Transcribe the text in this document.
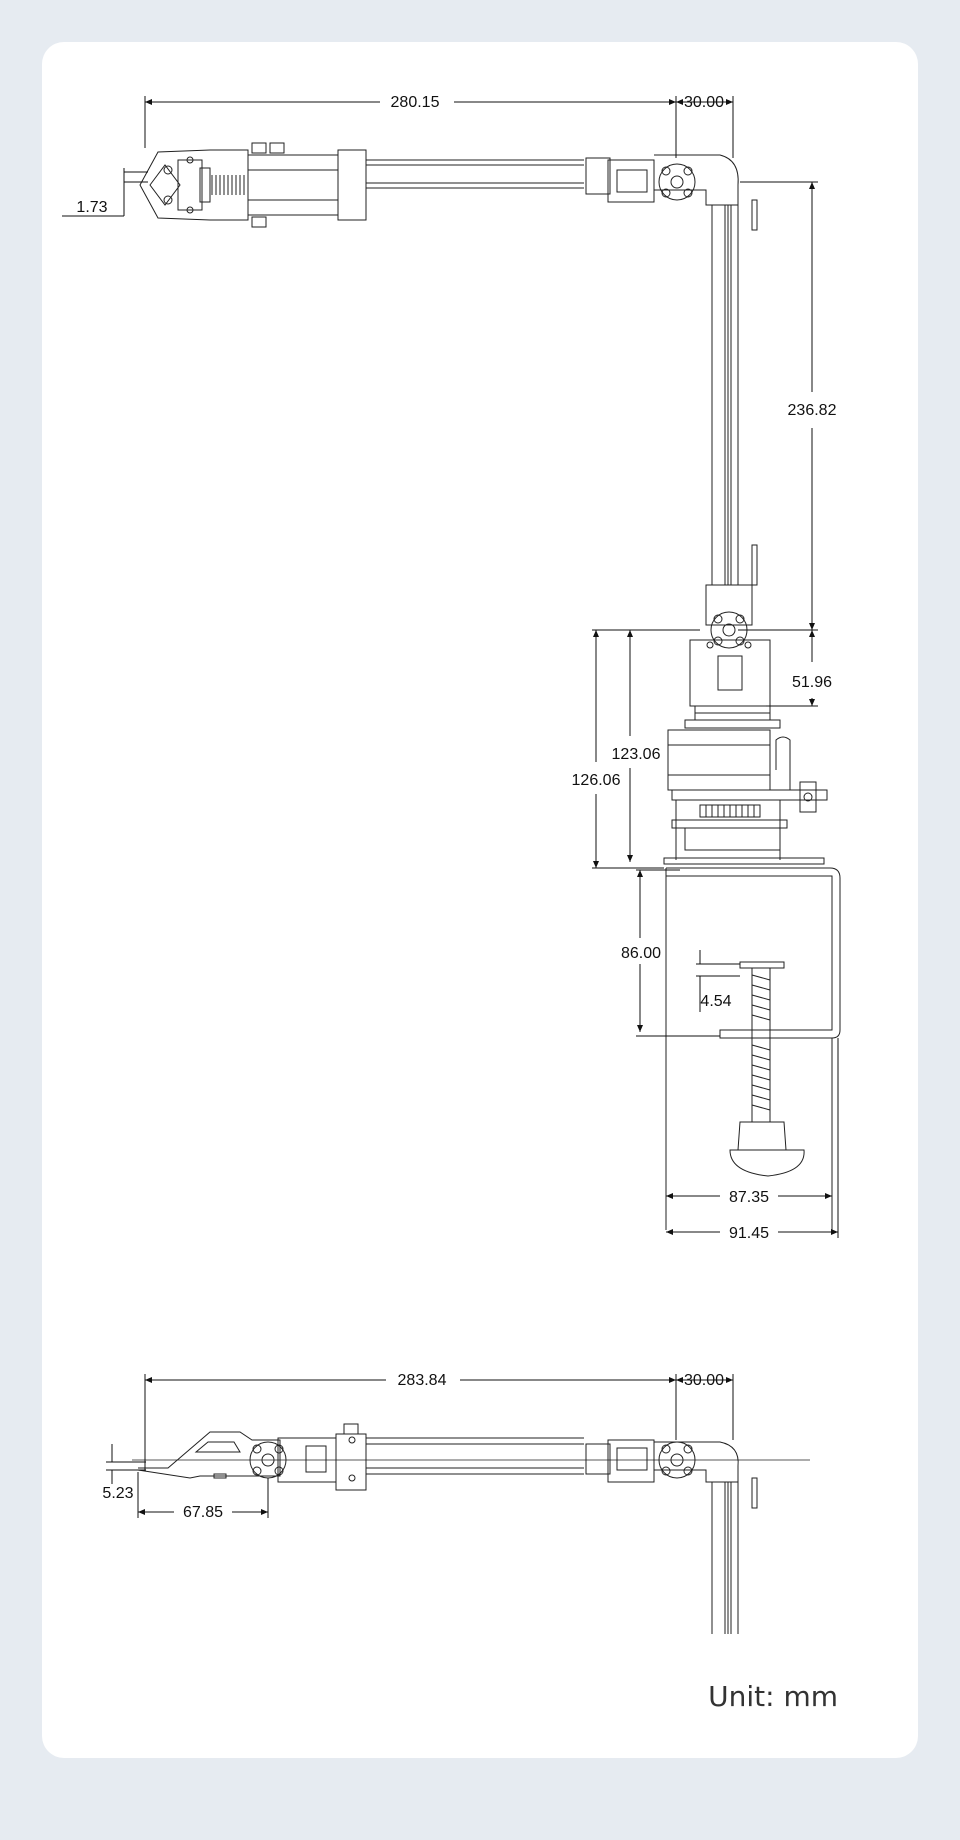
280.15	30.00
1.73
236.82
51.96
123.06
126.06
86.00
4.54
87.35
91.45
283.84	30.00
5.23
67.85
Unit: mm
